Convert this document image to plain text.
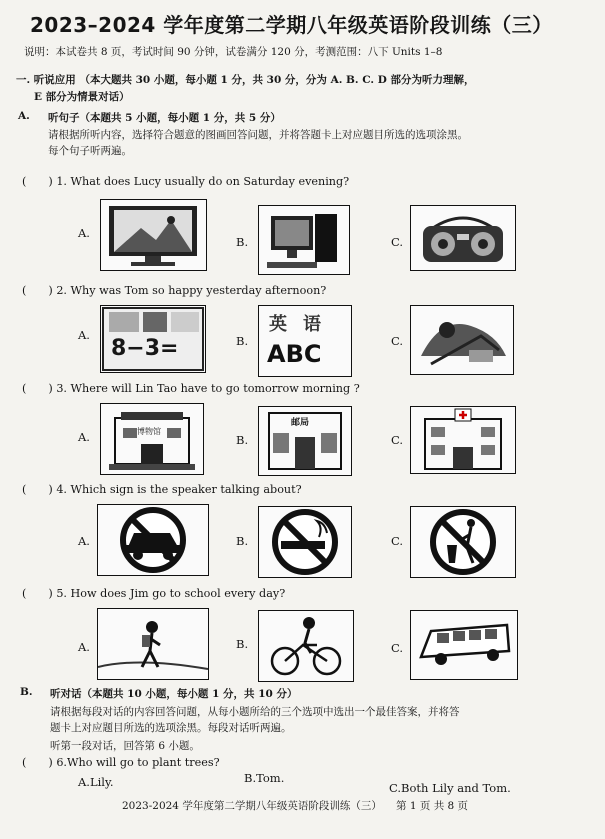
2023–2024 学年度第二学期八年级英语阶段训练（三）
说明：本试卷共 8 页，考试时间 90 分钟，试卷满分 120 分，考测范围：八下 Units 1–8
一. 听说应用 （本大题共 30 小题，每小题 1 分，共 30 分，分为 A. B. C. D 部分为听力理解，
E 部分为情景对话）
A. 听句子（本题共 5 小题，每小题 1 分，共 5 分）
请根据所听内容，选择符合题意的图画回答问题，并将答题卡上对应题目所选的选项涂黑。
每个句子听两遍。
( ) 1. What does Lucy usually do on Saturday evening?
A.
B.	C.
( ) 2. Why was Tom so happy yesterday afternoon?
A.	B.	C.
8−3=
英 语
ABC
( ) 3. Where will Lin Tao have to go tomorrow morning ?
A.	B.	C.
博物馆
邮局
( ) 4. Which sign is the speaker talking about?
A.	B.	C.
( ) 5. How does Jim go to school every day?
A.	B.	C.
B. 听对话（本题共 10 小题，每小题 1 分，共 10 分）
请根据每段对话的内容回答问题，从每小题所给的三个选项中选出一个最佳答案，并将答
题卡上对应题目所选的选项涂黑。每段对话听两遍。
听第一段对话，回答第 6 小题。
( ) 6.Who will go to plant trees?
A.Lily.	B.Tom.
C.Both Lily and Tom.
2023-2024 学年度第二学期八年级英语阶段训练（三） 第 1 页 共 8 页
